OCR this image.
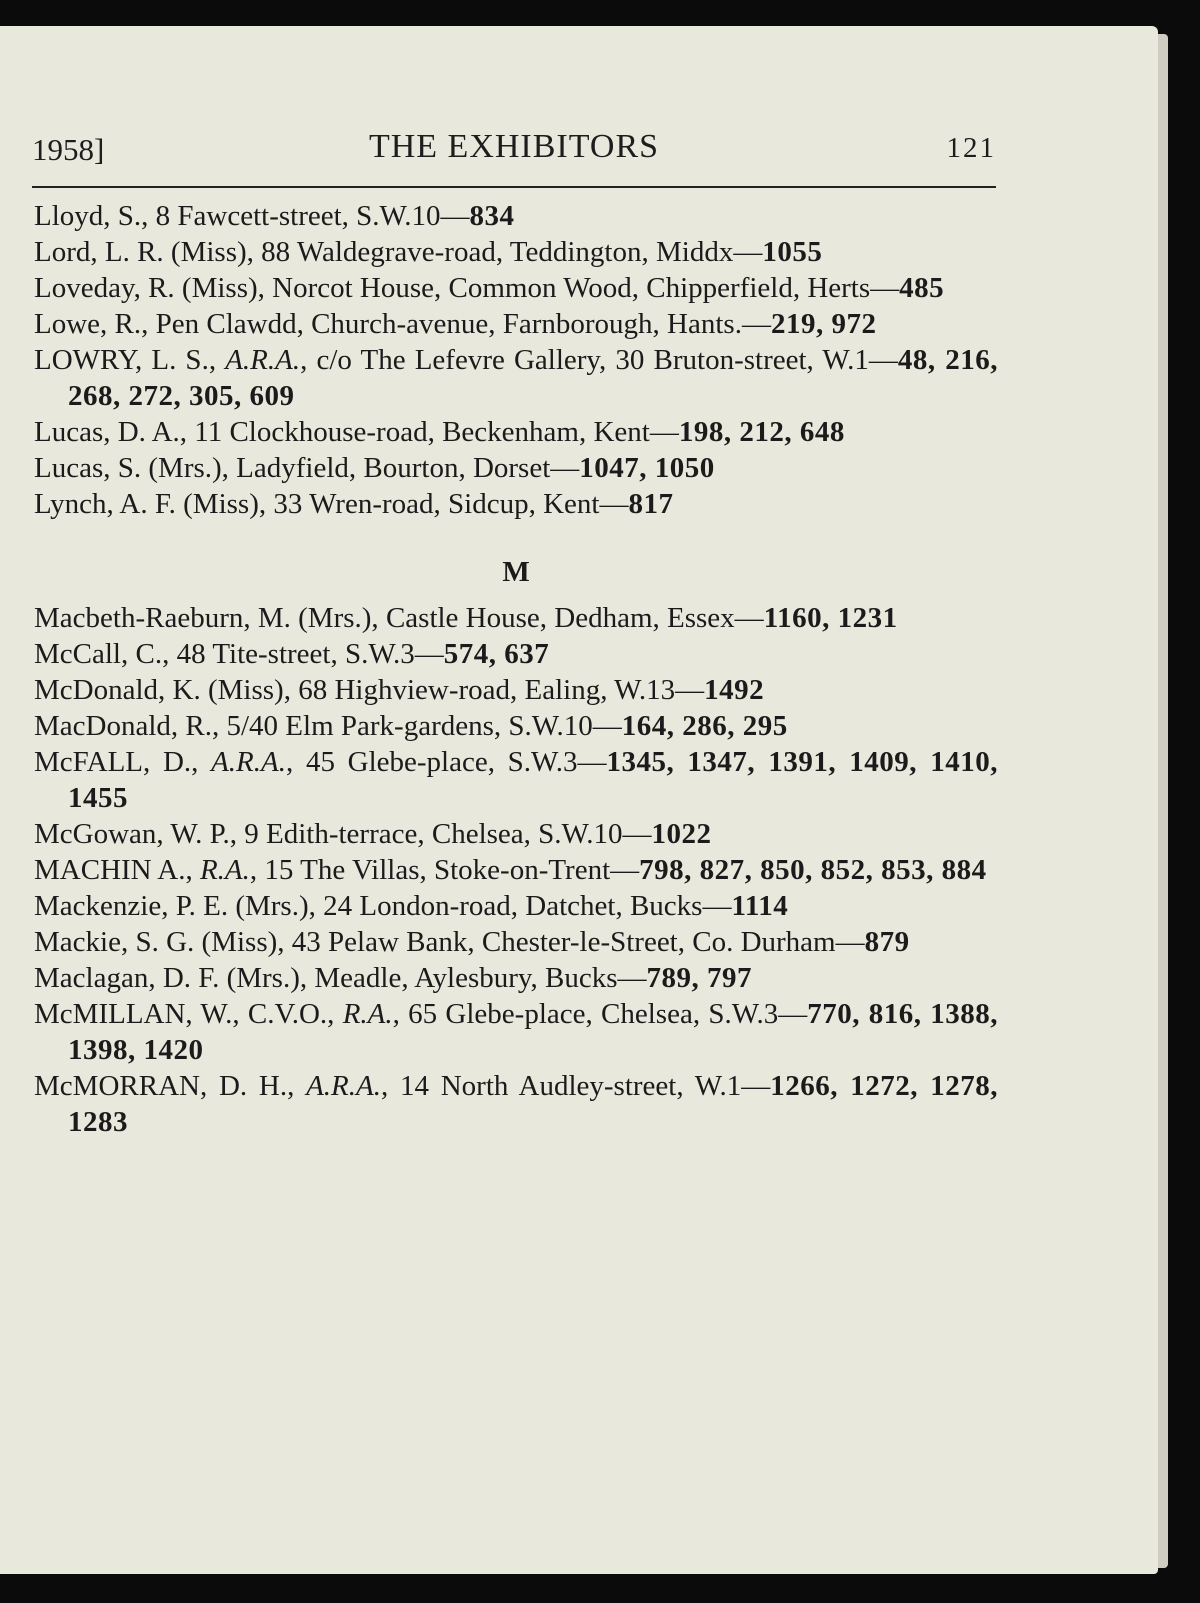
1958]	THE EXHIBITORS	121

Lloyd, S., 8 Fawcett-street, S.W.10—834

Lord, L. R. (Miss), 88 Waldegrave-road, Teddington, Middx—1055

Loveday, R. (Miss), Norcot House, Common Wood, Chipperfield, Herts—485

Lowe, R., Pen Clawdd, Church-avenue, Farnborough, Hants.—219, 972

LOWRY, L. S., A.R.A., c/o The Lefevre Gallery, 30 Bruton-street, W.1—48, 216, 268, 272, 305, 609

Lucas, D. A., 11 Clockhouse-road, Beckenham, Kent—198, 212, 648

Lucas, S. (Mrs.), Ladyfield, Bourton, Dorset—1047, 1050

Lynch, A. F. (Miss), 33 Wren-road, Sidcup, Kent—817

M

Macbeth-Raeburn, M. (Mrs.), Castle House, Dedham, Essex—1160, 1231

McCall, C., 48 Tite-street, S.W.3—574, 637

McDonald, K. (Miss), 68 Highview-road, Ealing, W.13—1492

MacDonald, R., 5/40 Elm Park-gardens, S.W.10—164, 286, 295

McFALL, D., A.R.A., 45 Glebe-place, S.W.3—1345, 1347, 1391, 1409, 1410, 1455

McGowan, W. P., 9 Edith-terrace, Chelsea, S.W.10—1022

MACHIN A., R.A., 15 The Villas, Stoke-on-Trent—798, 827, 850, 852, 853, 884

Mackenzie, P. E. (Mrs.), 24 London-road, Datchet, Bucks—1114

Mackie, S. G. (Miss), 43 Pelaw Bank, Chester-le-Street, Co. Durham—879

Maclagan, D. F. (Mrs.), Meadle, Aylesbury, Bucks—789, 797

McMILLAN, W., C.V.O., R.A., 65 Glebe-place, Chelsea, S.W.3—770, 816, 1388, 1398, 1420

McMORRAN, D. H., A.R.A., 14 North Audley-street, W.1—1266, 1272, 1278, 1283
